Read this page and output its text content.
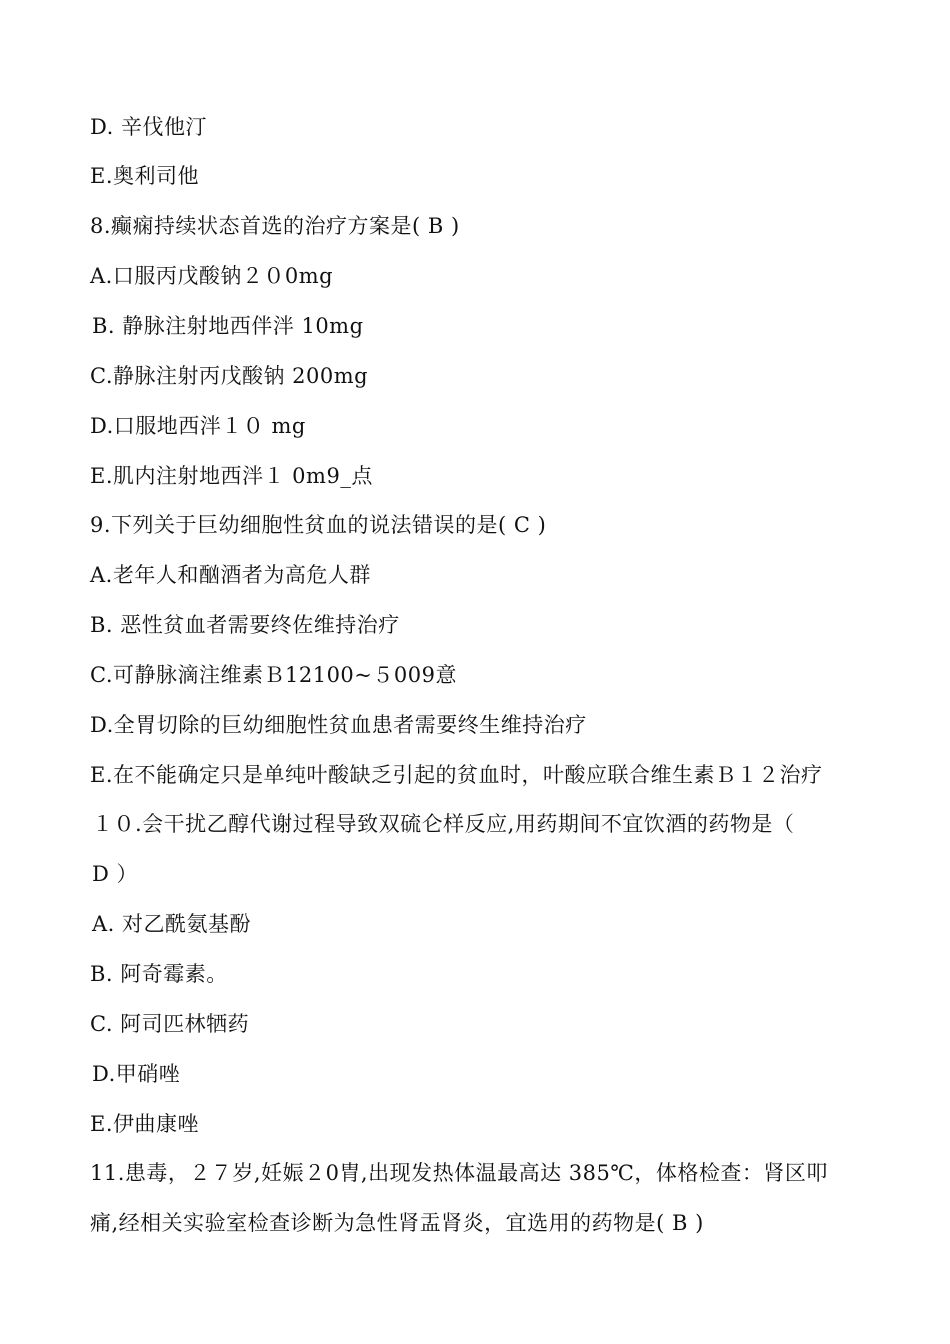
D. 辛伐他汀
E.奥利司他
8.癫痫持续状态首选的治疗方案是( B )
A.口服丙戊酸钠２０0mg
B. 静脉注射地西伴泮 10mg
C.静脉注射丙戊酸钠 200mg
D.口服地西泮１０ mg
E.肌内注射地西泮１ 0m9_点
9.下列关于巨幼细胞性贫血的说法错误的是( C )
A.老年人和酗酒者为高危人群
B. 恶性贫血者需要终佐维持治疗
C.可静脉滴注维素Ｂ12100~５009意
D.全胃切除的巨幼细胞性贫血患者需要终生维持治疗
E.在不能确定只是单纯叶酸缺乏引起的贫血时，叶酸应联合维生素Ｂ１２治疗
１０.会干扰乙醇代谢过程导致双硫仑样反应,用药期间不宜饮酒的药物是（
D ）
A. 对乙酰氨基酚
B. 阿奇霉素。
C. 阿司匹林牺药
D.甲硝唑
E.伊曲康唑
11.患毒，２７岁,妊娠２0胄,出现发热体温最高达 385℃，体格检查：肾区叩
痛,经相关实验室检查诊断为急性肾盂肾炎，宜选用的药物是( B )
